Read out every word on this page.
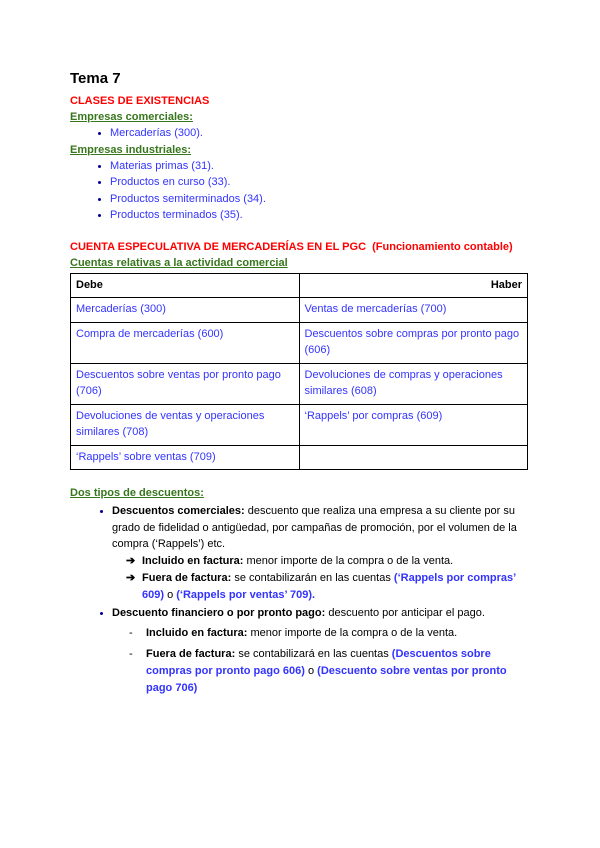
Tema 7
CLASES DE EXISTENCIAS
Empresas comerciales:
• Mercaderías (300).
Empresas industriales:
• Materias primas (31).
• Productos en curso (33).
• Productos semiterminados (34).
• Productos terminados (35).
CUENTA ESPECULATIVA DE MERCADERÍAS EN EL PGC  (Funcionamiento contable)
Cuentas relativas a la actividad comercial
Debe	Haber
Mercaderías (300)	Ventas de mercaderías (700)
Compra de mercaderías (600)	Descuentos sobre compras por pronto pago (606)
Descuentos sobre ventas por pronto pago (706)	Devoluciones de compras y operaciones similares (608)
Devoluciones de ventas y operaciones similares (708)	‘Rappels’ por compras (609)
‘Rappels’ sobre ventas (709)	
Dos tipos de descuentos:
• Descuentos comerciales: descuento que realiza una empresa a su cliente por su grado de fidelidad o antigüedad, por campañas de promoción, por el volumen de la compra (‘Rappels’) etc.
➔ Incluido en factura: menor importe de la compra o de la venta.
➔ Fuera de factura: se contabilizarán en las cuentas (‘Rappels por compras’ 609) o (‘Rappels por ventas’ 709).
• Descuento financiero o por pronto pago: descuento por anticipar el pago.
-	Incluido en factura: menor importe de la compra o de la venta.
-	Fuera de factura: se contabilizará en las cuentas (Descuentos sobre compras por pronto pago 606) o (Descuento sobre ventas por pronto pago 706)
